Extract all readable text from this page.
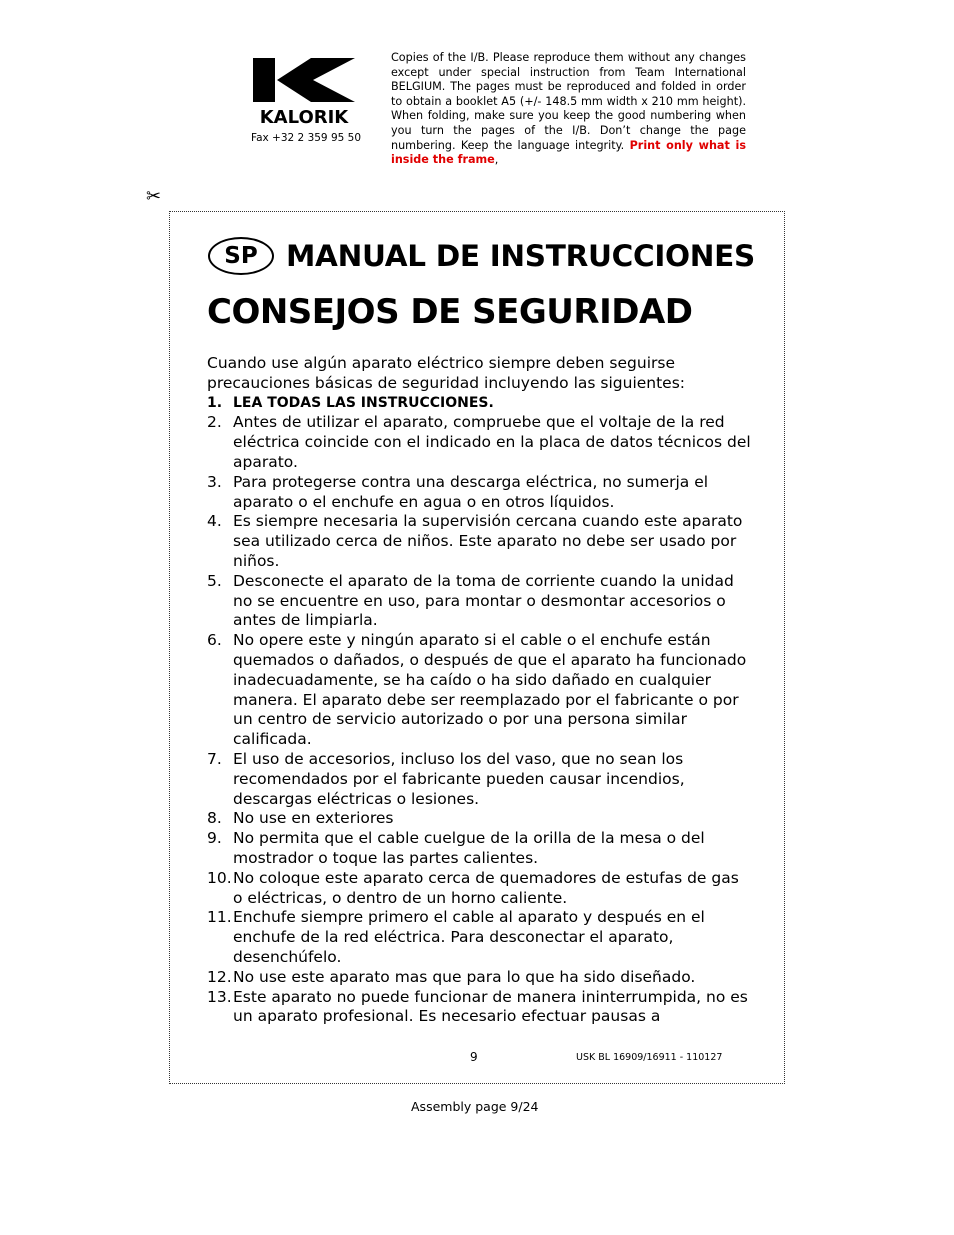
KALORIK
Fax +32 2 359 95 50
Copies of the I/B. Please reproduce them without any changes except under special instruction from Team International BELGIUM. The pages must be reproduced and folded in order to obtain a booklet A5 (+/- 148.5 mm width x 210 mm height). When folding, make sure you keep the good numbering when you turn the pages of the I/B. Don’t change the page numbering. Keep the language integrity. Print only what is inside the frame,
✂
SP MANUAL DE INSTRUCCIONES
CONSEJOS DE SEGURIDAD

Cuando use algún aparato eléctrico siempre deben seguirse precauciones básicas de seguridad incluyendo las siguientes:

1. LEA TODAS LAS INSTRUCCIONES.
2. Antes de utilizar el aparato, compruebe que el voltaje de la red eléctrica coincide con el indicado en la placa de datos técnicos del aparato.
3. Para protegerse contra una descarga eléctrica, no sumerja el aparato o el enchufe en agua o en otros líquidos.
4. Es siempre necesaria la supervisión cercana cuando este aparato sea utilizado cerca de niños. Este aparato no debe ser usado por niños.
5. Desconecte el aparato de la toma de corriente cuando la unidad no se encuentre en uso, para montar o desmontar accesorios o antes de limpiarla.
6. No opere este y ningún aparato si el cable o el enchufe están quemados o dañados, o después de que el aparato ha funcionado inadecuadamente, se ha caído o ha sido dañado en cualquier manera. El aparato debe ser reemplazado por el fabricante o por un centro de servicio autorizado o por una persona similar calificada.
7. El uso de accesorios, incluso los del vaso, que no sean los recomendados por el fabricante pueden causar incendios, descargas eléctricas o lesiones.
8. No use en exteriores
9. No permita que el cable cuelgue de la orilla de la mesa o del mostrador o toque las partes calientes.
10. No coloque este aparato cerca de quemadores de estufas de gas o eléctricas, o dentro de un horno caliente.
11. Enchufe siempre primero el cable al aparato y después en el enchufe de la red eléctrica. Para desconectar el aparato, desenchúfelo.
12. No use este aparato mas que para lo que ha sido diseñado.
13. Este aparato no puede funcionar de manera ininterrumpida, no es un aparato profesional. Es necesario efectuar pausas a
9	USK BL 16909/16911 - 110127
Assembly page 9/24
